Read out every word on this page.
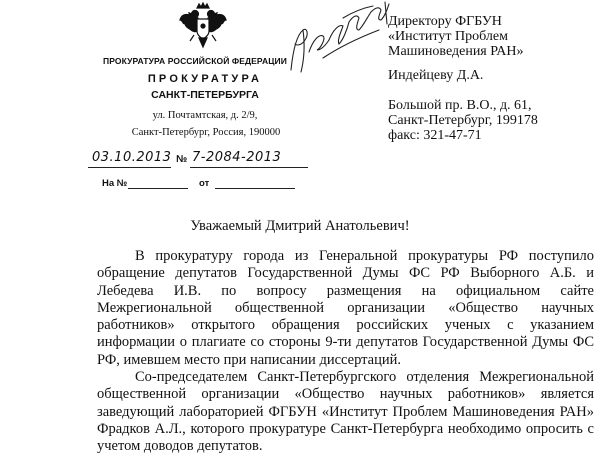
ПРОКУРАТУРА РОССИЙСКОЙ ФЕДЕРАЦИИ
ПРОКУРАТУРА
САНКТ-ПЕТЕРБУРГА
ул. Почтамтская, д. 2/9,
Санкт-Петербург, Россия, 190000
03.10.2013 № 7-2084-2013
На №	от
Директору ФГБУН
«Институт Проблем
Машиноведения РАН»
Индейцеву Д.А.
Большой пр. В.О., д. 61,
Санкт-Петербург, 199178
факс: 321-47-71
Уважаемый Дмитрий Анатольевич!
В прокуратуру города из Генеральной прокуратуры РФ поступило обращение депутатов Государственной Думы ФС РФ Выборного А.Б. и Лебедева И.В. по вопросу размещения на официальном сайте Межрегиональной общественной организации «Общество научных работников» открытого обращения российских ученых с указанием информации о плагиате со стороны 9-ти депутатов Государственной Думы ФС РФ, имевшем место при написании диссертаций.
Со-председателем Санкт-Петербургского отделения Межрегиональной общественной организации «Общество научных работников» является заведующий лабораторией ФГБУН «Институт Проблем Машиноведения РАН» Фрадков А.Л., которого прокуратуре Санкт-Петербурга необходимо опросить с учетом доводов депутатов.
